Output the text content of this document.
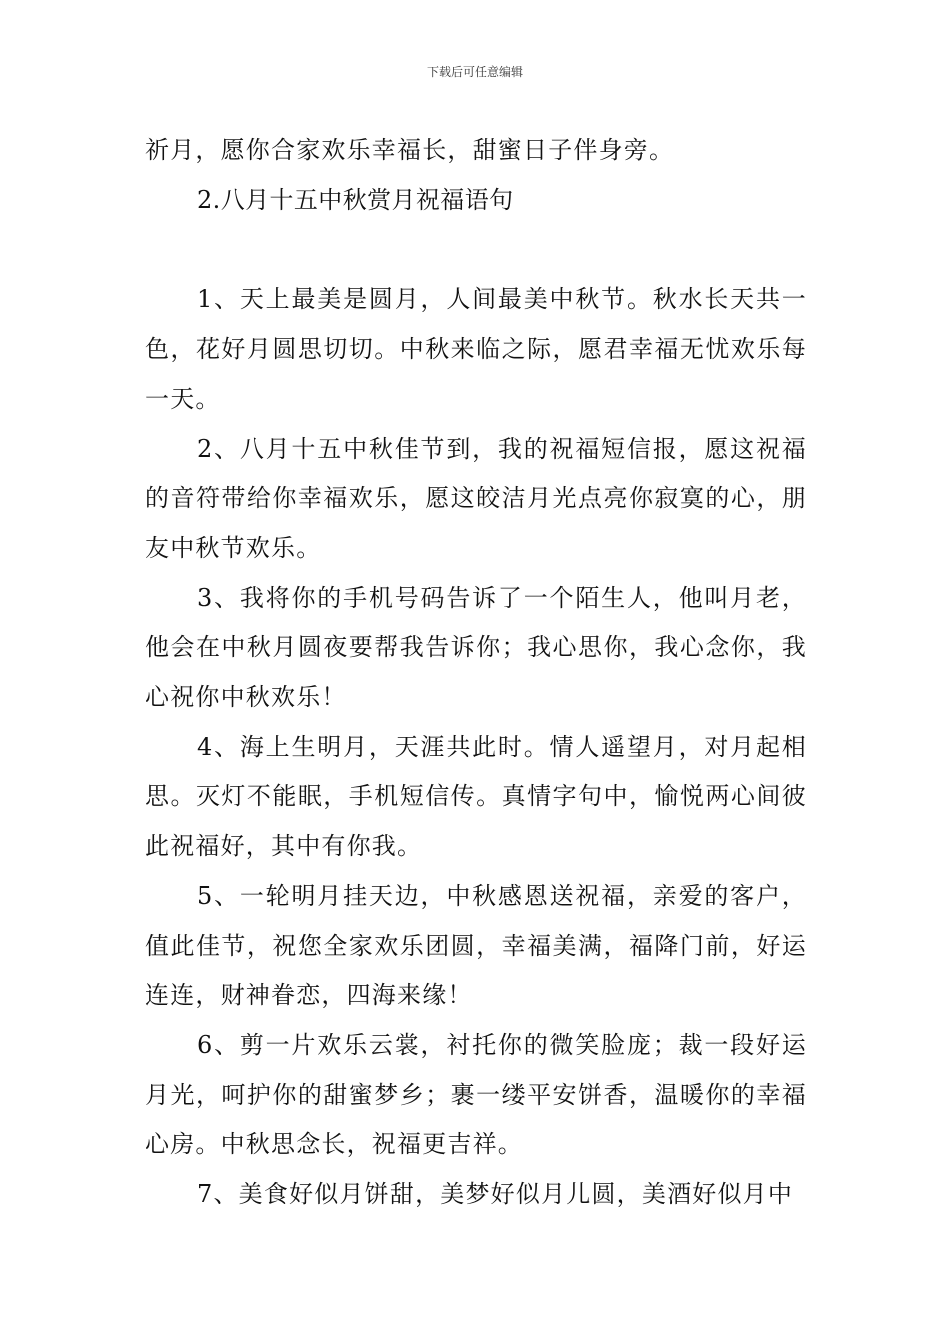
下载后可任意编辑

祈月，愿你合家欢乐幸福长，甜蜜日子伴身旁。

2.八月十五中秋赏月祝福语句

1、天上最美是圆月，人间最美中秋节。秋水长天共一色，花好月圆思切切。中秋来临之际，愿君幸福无忧欢乐每一天。

2、八月十五中秋佳节到，我的祝福短信报，愿这祝福的音符带给你幸福欢乐，愿这皎洁月光点亮你寂寞的心，朋友中秋节欢乐。

3、我将你的手机号码告诉了一个陌生人，他叫月老，他会在中秋月圆夜要帮我告诉你；我心思你，我心念你，我心祝你中秋欢乐！

4、海上生明月，天涯共此时。情人遥望月，对月起相思。灭灯不能眠，手机短信传。真情字句中，愉悦两心间彼此祝福好，其中有你我。

5、一轮明月挂天边，中秋感恩送祝福，亲爱的客户，值此佳节，祝您全家欢乐团圆，幸福美满，福降门前，好运连连，财神眷恋，四海来缘！

6、剪一片欢乐云裳，衬托你的微笑脸庞；裁一段好运月光，呵护你的甜蜜梦乡；裹一缕平安饼香，温暖你的幸福心房。中秋思念长，祝福更吉祥。

7、美食好似月饼甜，美梦好似月儿圆，美酒好似月中
